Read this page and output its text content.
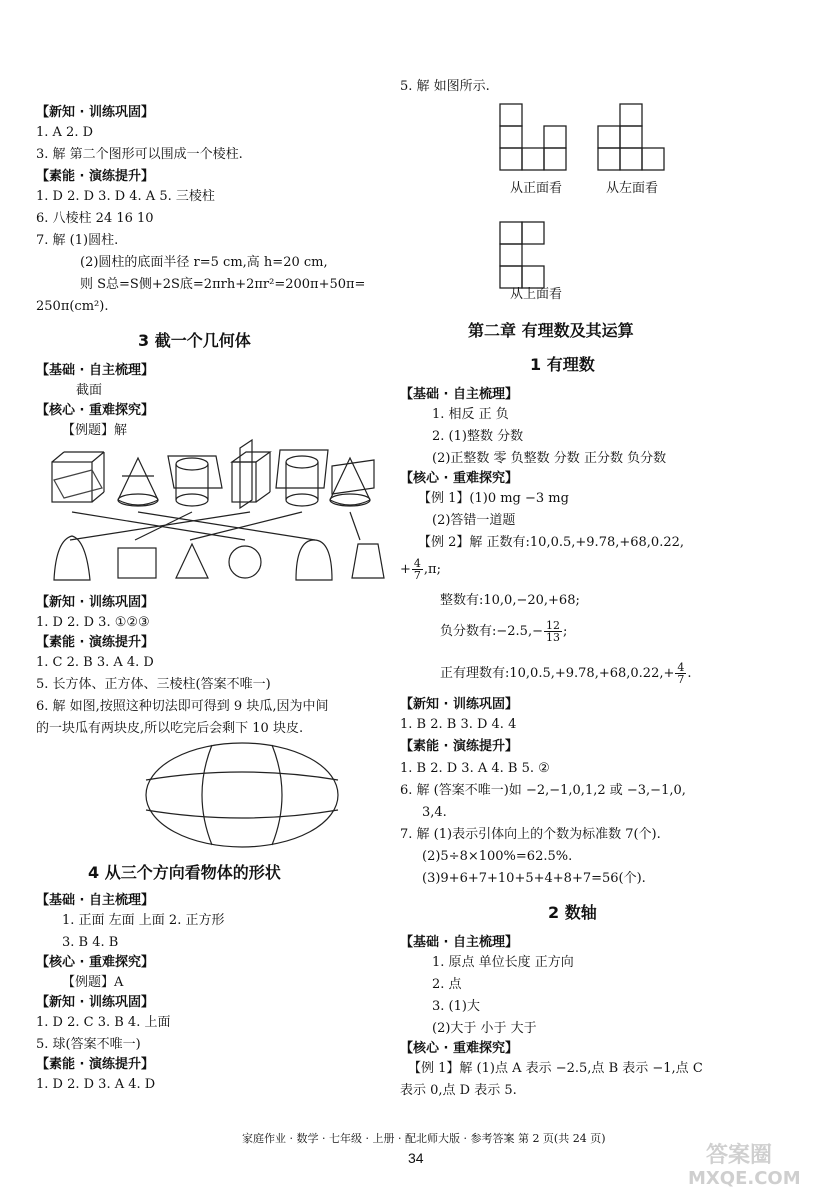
【新知 · 训练巩固】
1. A 2. D
3. 解 第二个图形可以围成一个棱柱.
【素能 · 演练提升】
1. D 2. D 3. D 4. A 5. 三棱柱
6. 八棱柱 24 16 10
7. 解 (1)圆柱.
(2)圆柱的底面半径 r=5 cm,高 h=20 cm,
则 S总=S侧+2S底=2πrh+2πr²=200π+50π=
250π(cm²).
3 截一个几何体
【基础 · 自主梳理】
截面
【核心 · 重难探究】
【例题】解
【新知 · 训练巩固】
1. D 2. D 3. ①②③
【素能 · 演练提升】
1. C 2. B 3. A 4. D
5. 长方体、正方体、三棱柱(答案不唯一)
6. 解 如图,按照这种切法即可得到 9 块瓜,因为中间
的一块瓜有两块皮,所以吃完后会剩下 10 块皮.
4 从三个方向看物体的形状
【基础 · 自主梳理】
1. 正面 左面 上面 2. 正方形
3. B 4. B
【核心 · 重难探究】
【例题】A
【新知 · 训练巩固】
1. D 2. C 3. B 4. 上面
5. 球(答案不唯一)
【素能 · 演练提升】
1. D 2. D 3. A 4. D
5. 解 如图所示.
从正面看	从左面看
从上面看
第二章 有理数及其运算
1 有理数
【基础 · 自主梳理】
1. 相反 正 负
2. (1)整数 分数
(2)正整数 零 负整数 分数 正分数 负分数
【核心 · 重难探究】
【例 1】(1)0 mg −3 mg
(2)答错一道题
【例 2】解 正数有:10,0.5,+9.78,+68,0.22,
+ $\frac{4}{7} ,\pi$;
整数有:10,0,−20,+68;
负分数有:−2.5,− $\frac{12}{13}$ ;
正有理数有:10,0.5,+9.78,+68,0.22,+ $\frac{4}{7}$ .
【新知 · 训练巩固】
1. B 2. B 3. D 4. 4
【素能 · 演练提升】
1. B 2. D 3. A 4. B 5. ②
6. 解 (答案不唯一)如 −2,−1,0,1,2 或 −3,−1,0,
3,4.
7. 解 (1)表示引体向上的个数为标准数 7(个).
(2)5÷8×100%=62.5%.
(3)9+6+7+10+5+4+8+7=56(个).
2 数轴
【基础 · 自主梳理】
1. 原点 单位长度 正方向
2. 点
3. (1)大
(2)大于 小于 大于
【核心 · 重难探究】
【例 1】解 (1)点 A 表示 −2.5,点 B 表示 −1,点 C
表示 0,点 D 表示 5.
家庭作业 · 数学 · 七年级 · 上册 · 配北师大版 · 参考答案 第 2 页(共 24 页)
34	答案圈
MXQE.COM
